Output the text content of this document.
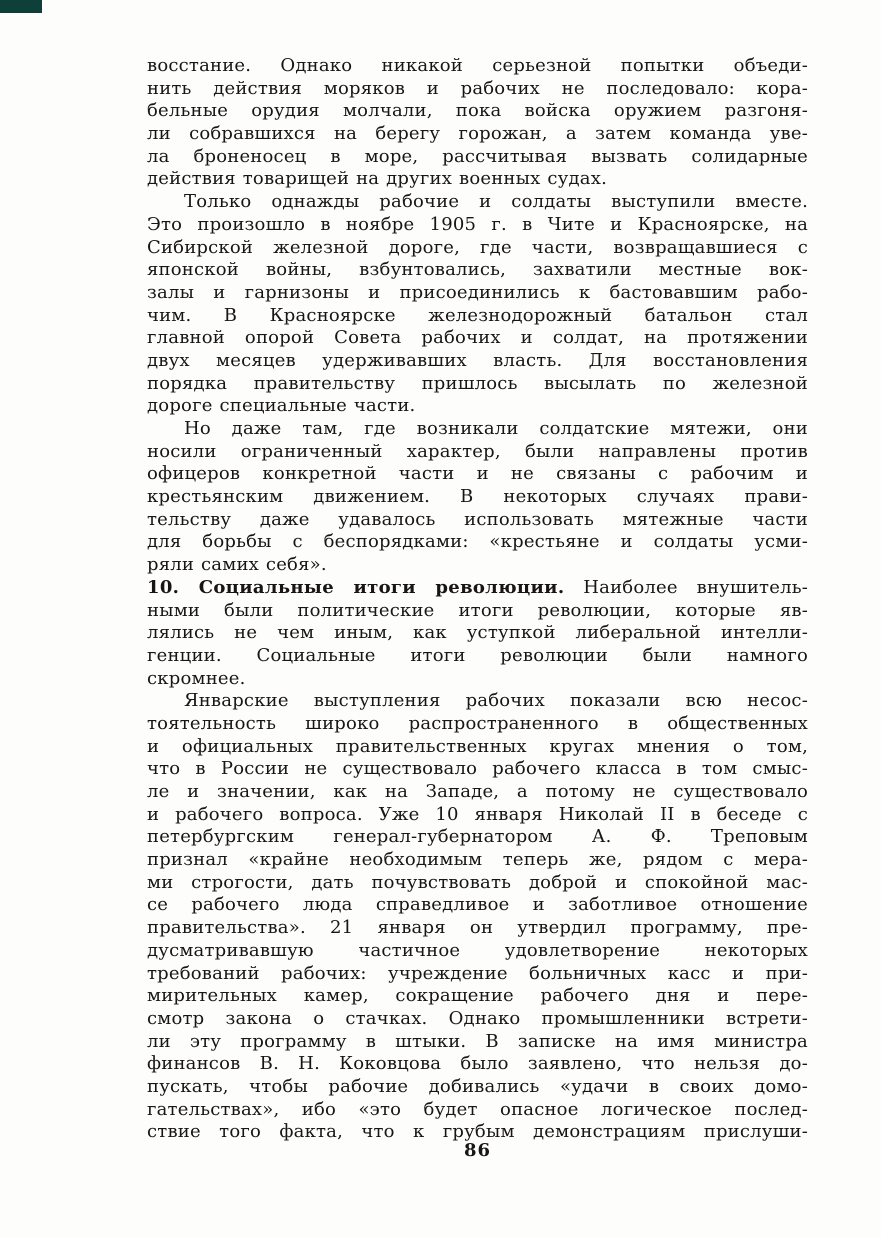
восстание. Однако никакой серьезной попытки объеди-
нить действия моряков и рабочих не последовало: кора-
бельные орудия молчали, пока войска оружием разгоня-
ли собравшихся на берегу горожан, а затем команда уве-
ла броненосец в море, рассчитывая вызвать солидарные
действия товарищей на других военных судах.
Только однажды рабочие и солдаты выступили вместе.
Это произошло в ноябре 1905 г. в Чите и Красноярске, на
Сибирской железной дороге, где части, возвращавшиеся с
японской войны, взбунтовались, захватили местные вок-
залы и гарнизоны и присоединились к бастовавшим рабо-
чим. В Красноярске железнодорожный батальон стал
главной опорой Совета рабочих и солдат, на протяжении
двух месяцев удерживавших власть. Для восстановления
порядка правительству пришлось высылать по железной
дороге специальные части.
Но даже там, где возникали солдатские мятежи, они
носили ограниченный характер, были направлены против
офицеров конкретной части и не связаны с рабочим и
крестьянским движением. В некоторых случаях прави-
тельству даже удавалось использовать мятежные части
для борьбы с беспорядками: «крестьяне и солдаты усми-
ряли самих себя».
10. Социальные итоги революции. Наиболее внушитель-
ными были политические итоги революции, которые яв-
лялись не чем иным, как уступкой либеральной интелли-
генции. Социальные итоги революции были намного
скромнее.
Январские выступления рабочих показали всю несос-
тоятельность широко распространенного в общественных
и официальных правительственных кругах мнения о том,
что в России не существовало рабочего класса в том смыс-
ле и значении, как на Западе, а потому не существовало
и рабочего вопроса. Уже 10 января Николай II в беседе с
петербургским генерал-губернатором А. Ф. Треповым
признал «крайне необходимым теперь же, рядом с мера-
ми строгости, дать почувствовать доброй и спокойной мас-
се рабочего люда справедливое и заботливое отношение
правительства». 21 января он утвердил программу, пре-
дусматривавшую частичное удовлетворение некоторых
требований рабочих: учреждение больничных касс и при-
мирительных камер, сокращение рабочего дня и пере-
смотр закона о стачках. Однако промышленники встрети-
ли эту программу в штыки. В записке на имя министра
финансов В. Н. Коковцова было заявлено, что нельзя до-
пускать, чтобы рабочие добивались «удачи в своих домо-
гательствах», ибо «это будет опасное логическое послед-
ствие того факта, что к грубым демонстрациям прислуши-
86
